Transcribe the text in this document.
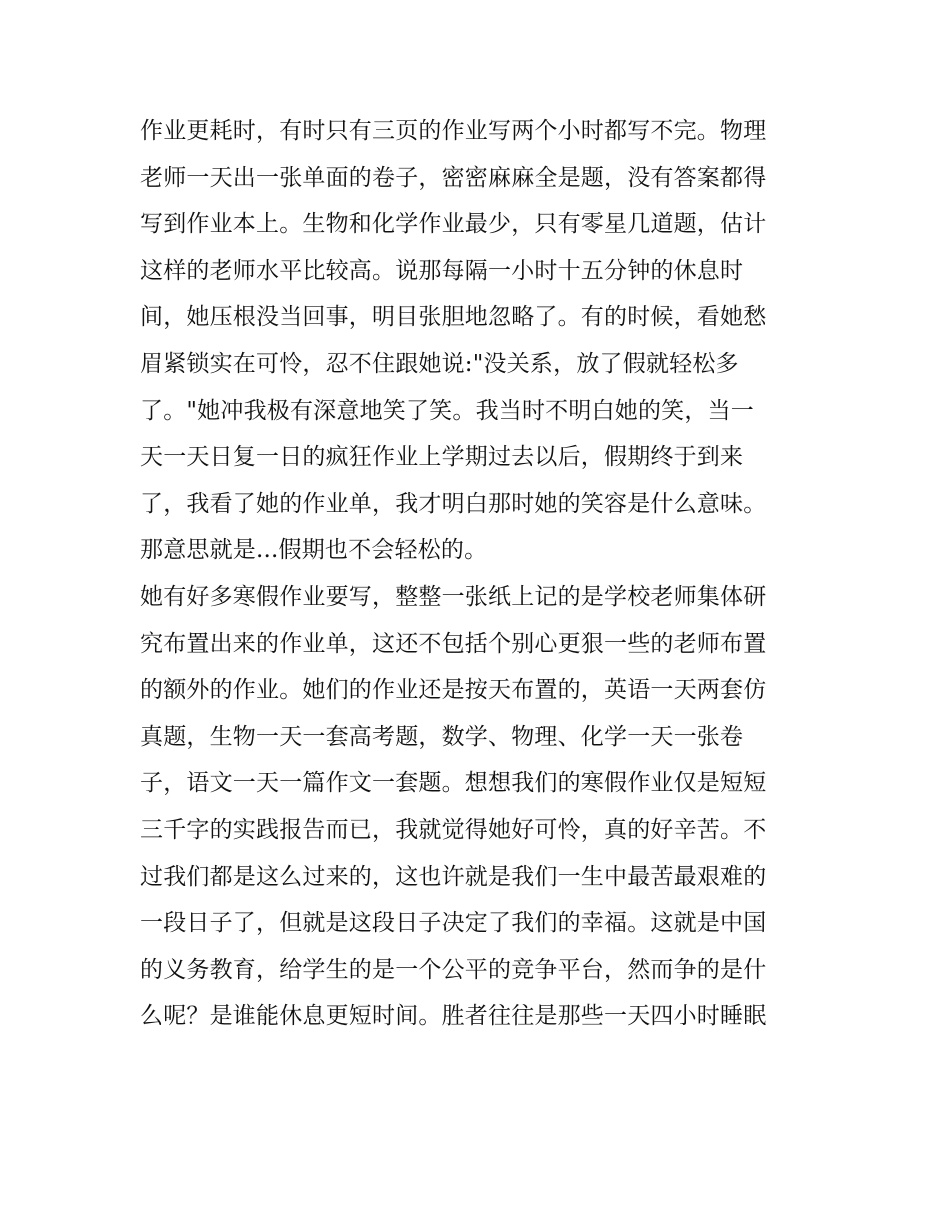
作业更耗时，有时只有三页的作业写两个小时都写不完。物理
老师一天出一张单面的卷子，密密麻麻全是题，没有答案都得
写到作业本上。生物和化学作业最少，只有零星几道题，估计
这样的老师水平比较高。说那每隔一小时十五分钟的休息时
间，她压根没当回事，明目张胆地忽略了。有的时候，看她愁
眉紧锁实在可怜，忍不住跟她说:"没关系，放了假就轻松多
了。"她冲我极有深意地笑了笑。我当时不明白她的笑，当一
天一天日复一日的疯狂作业上学期过去以后，假期终于到来
了，我看了她的作业单，我才明白那时她的笑容是什么意味。
那意思就是...假期也不会轻松的。
她有好多寒假作业要写，整整一张纸上记的是学校老师集体研
究布置出来的作业单，这还不包括个别心更狠一些的老师布置
的额外的作业。她们的作业还是按天布置的，英语一天两套仿
真题，生物一天一套高考题，数学、物理、化学一天一张卷
子，语文一天一篇作文一套题。想想我们的寒假作业仅是短短
三千字的实践报告而已，我就觉得她好可怜，真的好辛苦。不
过我们都是这么过来的，这也许就是我们一生中最苦最艰难的
一段日子了，但就是这段日子决定了我们的幸福。这就是中国
的义务教育，给学生的是一个公平的竞争平台，然而争的是什
么呢？是谁能休息更短时间。胜者往往是那些一天四小时睡眠
